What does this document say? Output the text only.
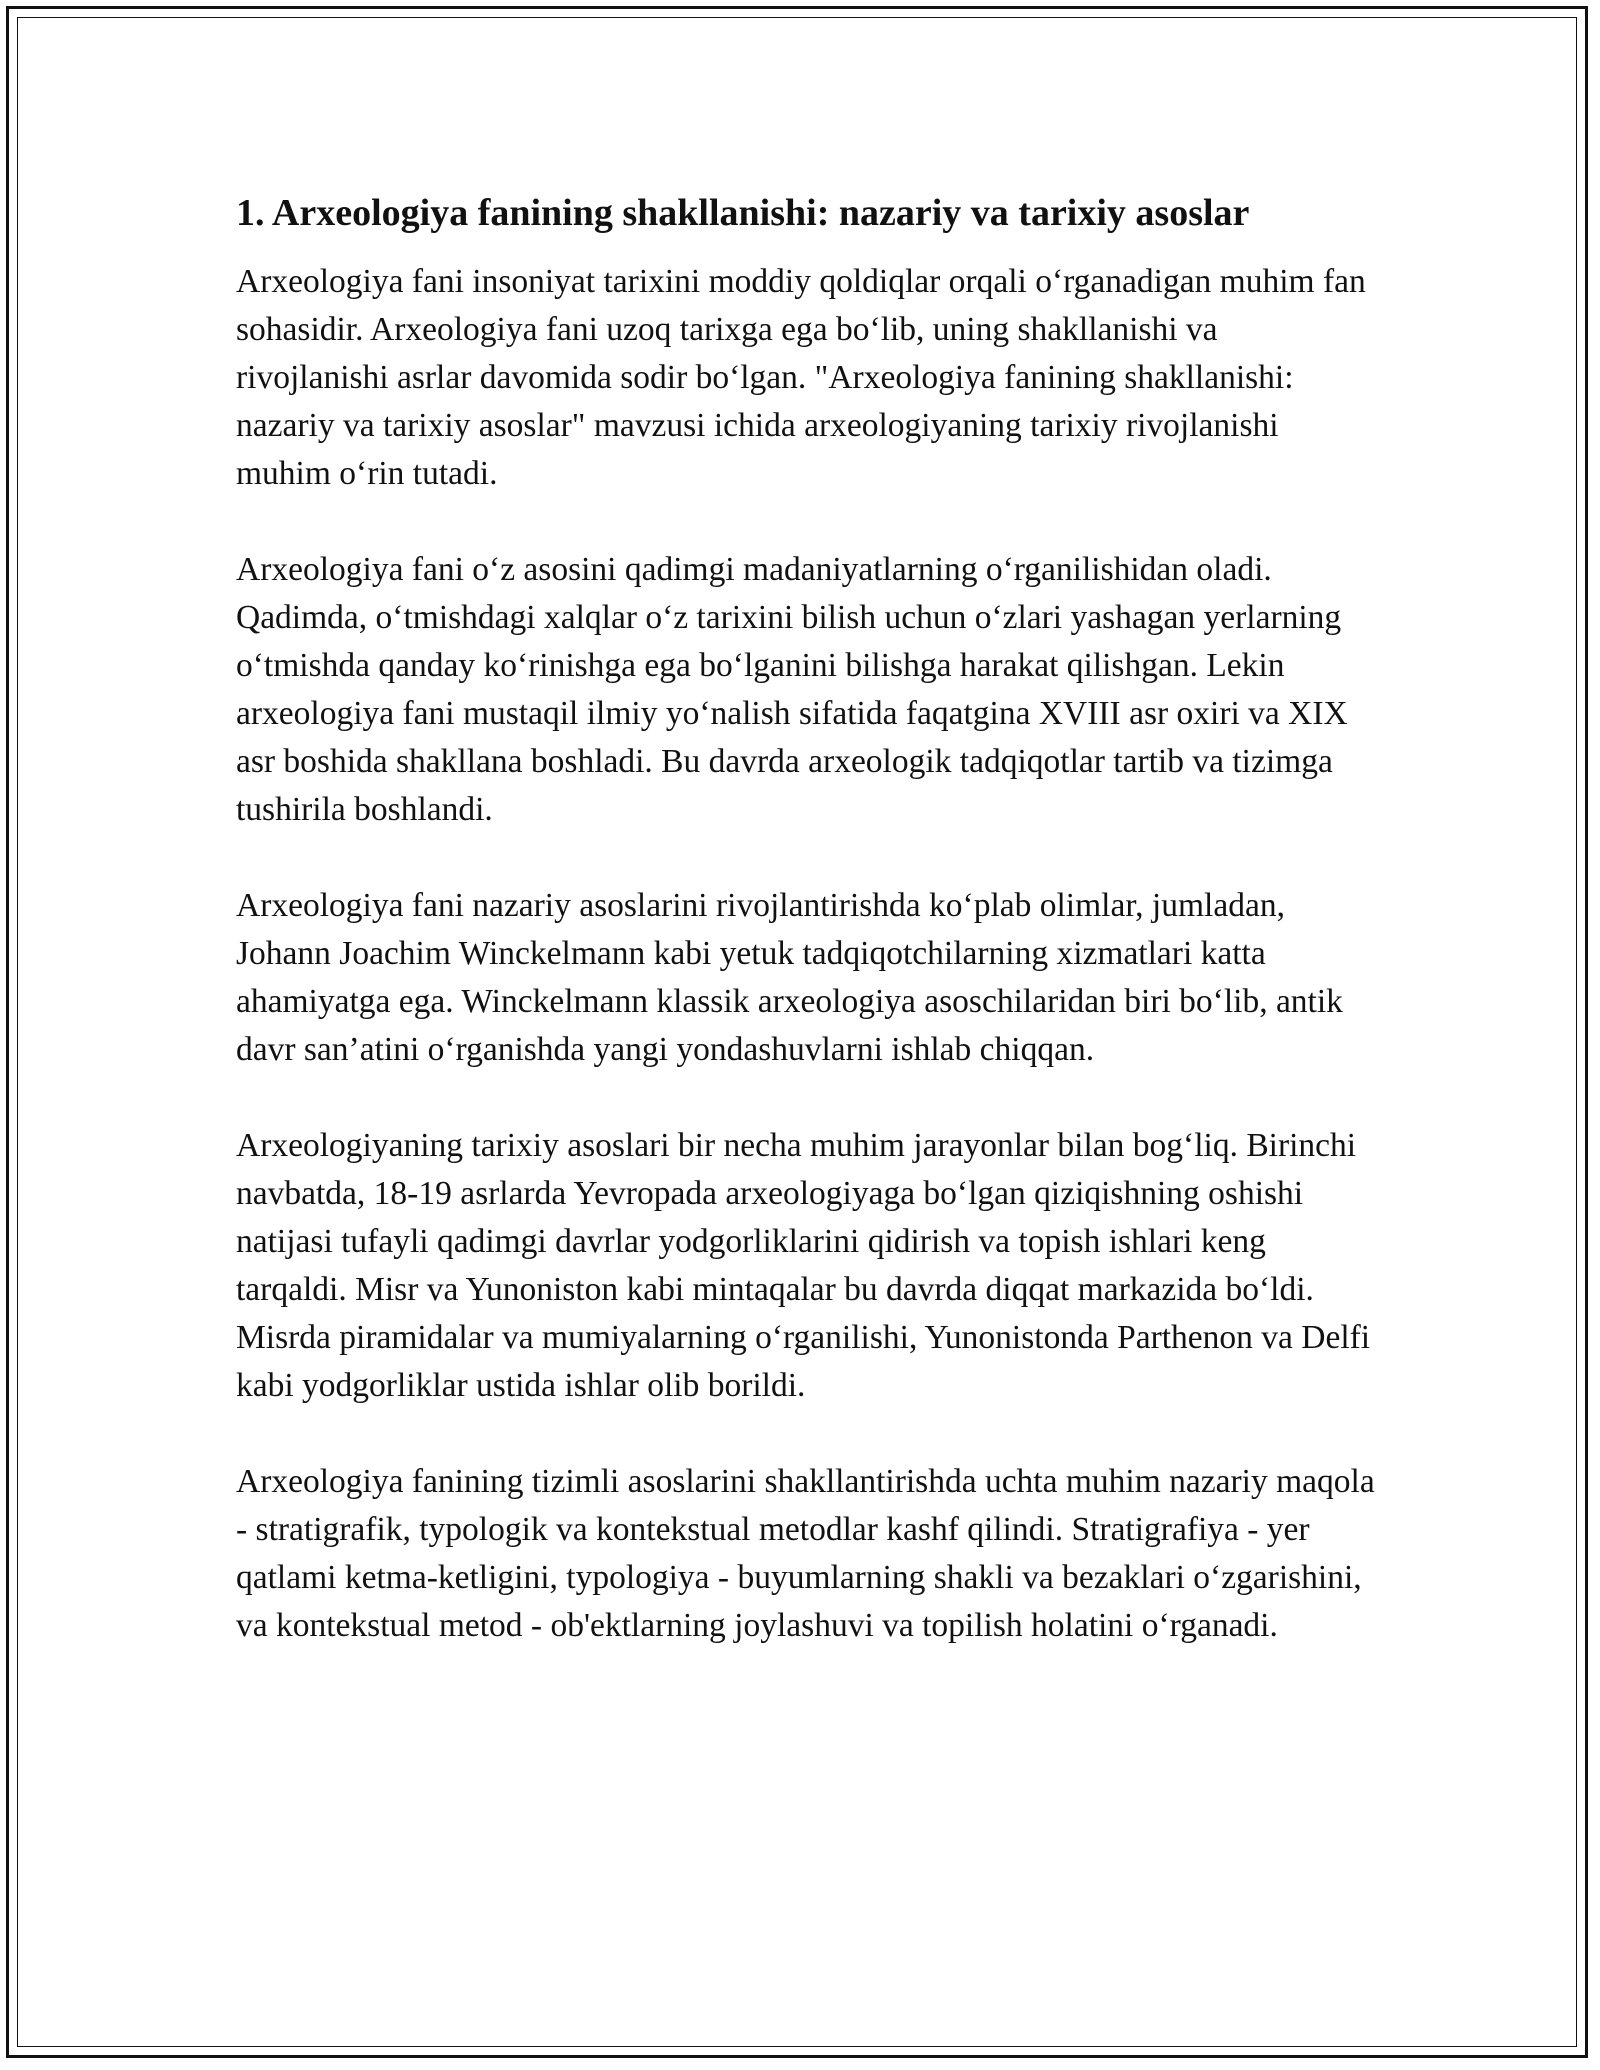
1. Arxeologiya fanining shakllanishi: nazariy va tarixiy asoslar

Arxeologiya fani insoniyat tarixini moddiy qoldiqlar orqali o‘rganadigan muhim fan sohasidir. Arxeologiya fani uzoq tarixga ega bo‘lib, uning shakllanishi va rivojlanishi asrlar davomida sodir bo‘lgan. "Arxeologiya fanining shakllanishi: nazariy va tarixiy asoslar" mavzusi ichida arxeologiyaning tarixiy rivojlanishi muhim o‘rin tutadi.

Arxeologiya fani o‘z asosini qadimgi madaniyatlarning o‘rganilishidan oladi. Qadimda, o‘tmishdagi xalqlar o‘z tarixini bilish uchun o‘zlari yashagan yerlarning o‘tmishda qanday ko‘rinishga ega bo‘lganini bilishga harakat qilishgan. Lekin arxeologiya fani mustaqil ilmiy yo‘nalish sifatida faqatgina XVIII asr oxiri va XIX asr boshida shakllana boshladi. Bu davrda arxeologik tadqiqotlar tartib va tizimga tushirila boshlandi.

Arxeologiya fani nazariy asoslarini rivojlantirishda ko‘plab olimlar, jumladan, Johann Joachim Winckelmann kabi yetuk tadqiqotchilarning xizmatlari katta ahamiyatga ega. Winckelmann klassik arxeologiya asoschilaridan biri bo‘lib, antik davr san’atini o‘rganishda yangi yondashuvlarni ishlab chiqqan.

Arxeologiyaning tarixiy asoslari bir necha muhim jarayonlar bilan bog‘liq. Birinchi navbatda, 18-19 asrlarda Yevropada arxeologiyaga bo‘lgan qiziqishning oshishi natijasi tufayli qadimgi davrlar yodgorliklarini qidirish va topish ishlari keng tarqaldi. Misr va Yunoniston kabi mintaqalar bu davrda diqqat markazida bo‘ldi. Misrda piramidalar va mumiyalarning o‘rganilishi, Yunonistonda Parthenon va Delfi kabi yodgorliklar ustida ishlar olib borildi.

Arxeologiya fanining tizimli asoslarini shakllantirishda uchta muhim nazariy maqola - stratigrafik, typologik va kontekstual metodlar kashf qilindi. Stratigrafiya - yer qatlami ketma-ketligini, typologiya - buyumlarning shakli va bezaklari o‘zgarishini, va kontekstual metod - ob'ektlarning joylashuvi va topilish holatini o‘rganadi.
